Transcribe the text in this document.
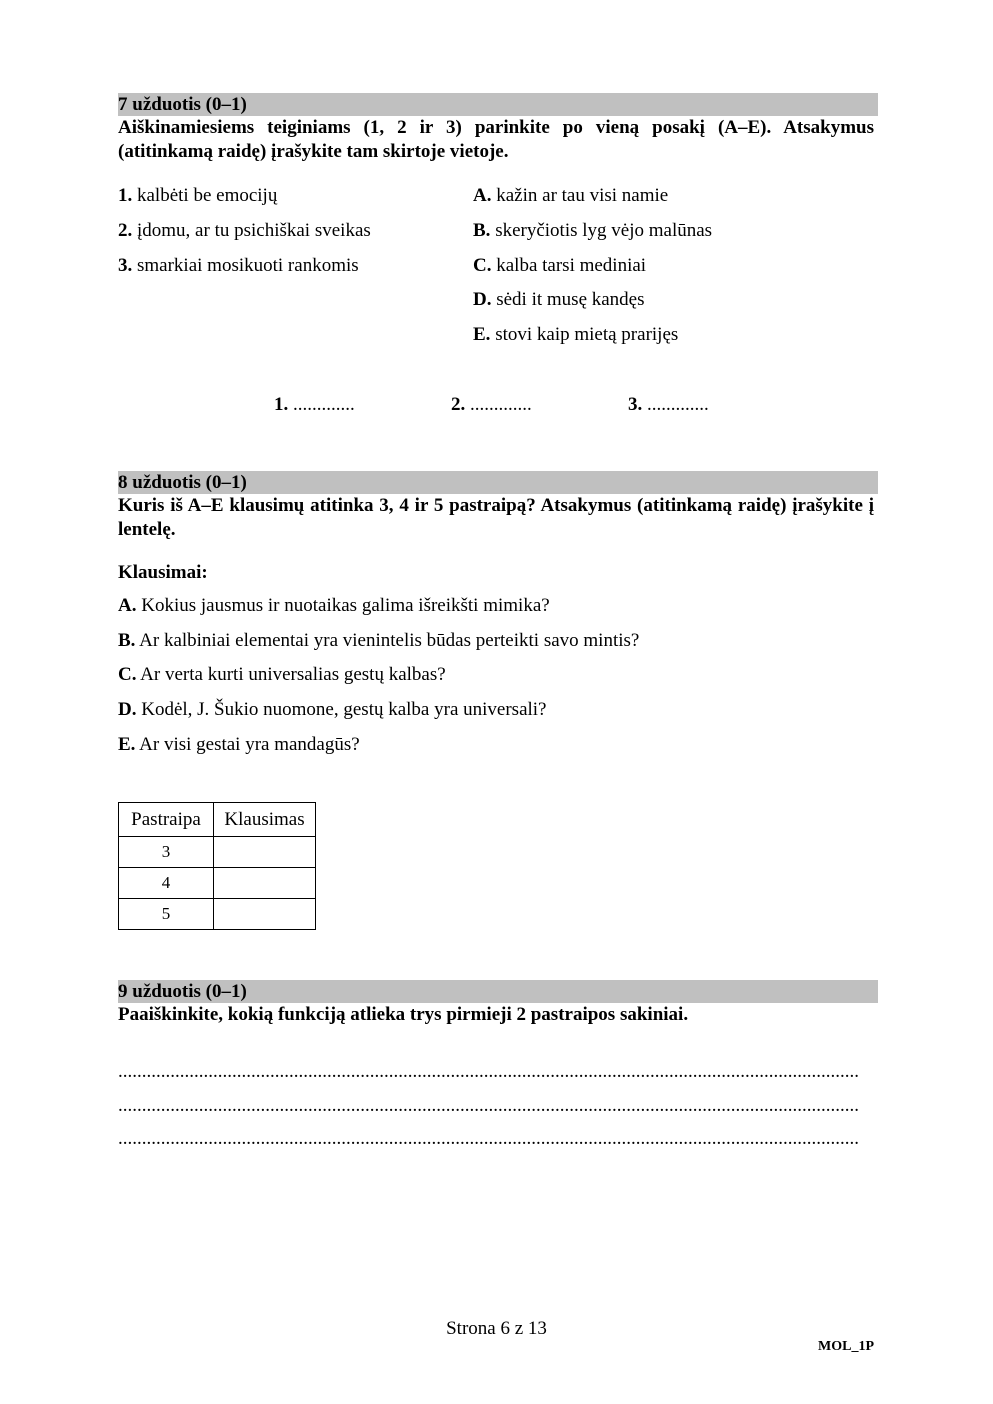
7 užduotis (0–1)
Aiškinamiesiems teiginiams (1, 2 ir 3) parinkite po vieną posakį (A–E). Atsakymus (atitinkamą raidę) įrašykite tam skirtoje vietoje.
1. kalbėti be emocijų
2. įdomu, ar tu psichiškai sveikas
3. smarkiai mosikuoti rankomis
A. kažin ar tau visi namie
B. skeryčiotis lyg vėjo malūnas
C. kalba tarsi mediniai
D. sėdi it musę kandęs
E. stovi kaip mietą prarijęs
1. .............	2. .............	3. .............
8 užduotis (0–1)
Kuris iš A–E klausimų atitinka 3, 4 ir 5 pastraipą? Atsakymus (atitinkamą raidę) įrašykite į lentelę.
Klausimai:
A. Kokius jausmus ir nuotaikas galima išreikšti mimika?
B. Ar kalbiniai elementai yra vienintelis būdas perteikti savo mintis?
C. Ar verta kurti universalias gestų kalbas?
D. Kodėl, J. Šukio nuomone, gestų kalba yra universali?
E. Ar visi gestai yra mandagūs?
Pastraipa	Klausimas
3	
4	
5	
9 užduotis (0–1)
Paaiškinkite, kokią funkciją atlieka trys pirmieji 2 pastraipos sakiniai.
............................................................................................................................................................
............................................................................................................................................................
............................................................................................................................................................
Strona 6 z 13
MOL_1P
